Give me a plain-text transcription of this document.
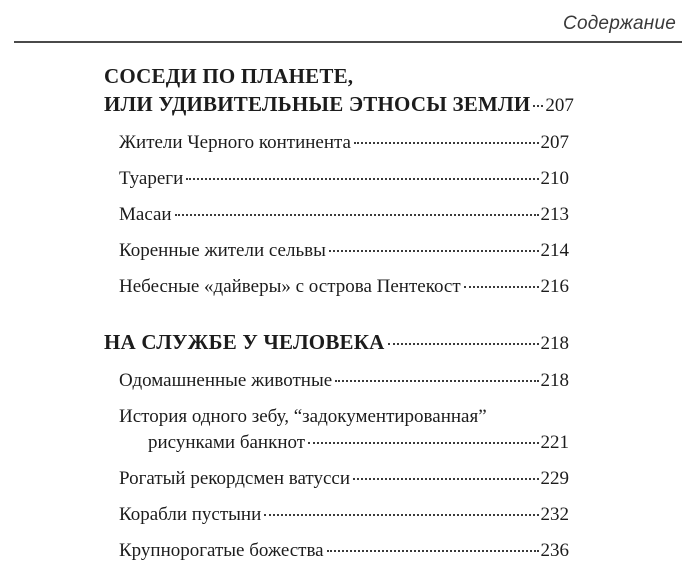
Содержание
СОСЕДИ ПО ПЛАНЕТЕ,
ИЛИ УДИВИТЕЛЬНЫЕ ЭТНОСЫ ЗЕМЛИ 207
Жители Черного континента	207
Туареги	210
Масаи	213
Коренные жители сельвы	214
Небесные «дайверы» с острова Пентекост	216
НА СЛУЖБЕ У ЧЕЛОВЕКА	218
Одомашненные животные	218
История одного зебу, “задокументированная”
рисунками банкнот	221
Рогатый рекордсмен ватусси	229
Корабли пустыни	232
Крупнорогатые божества	236
